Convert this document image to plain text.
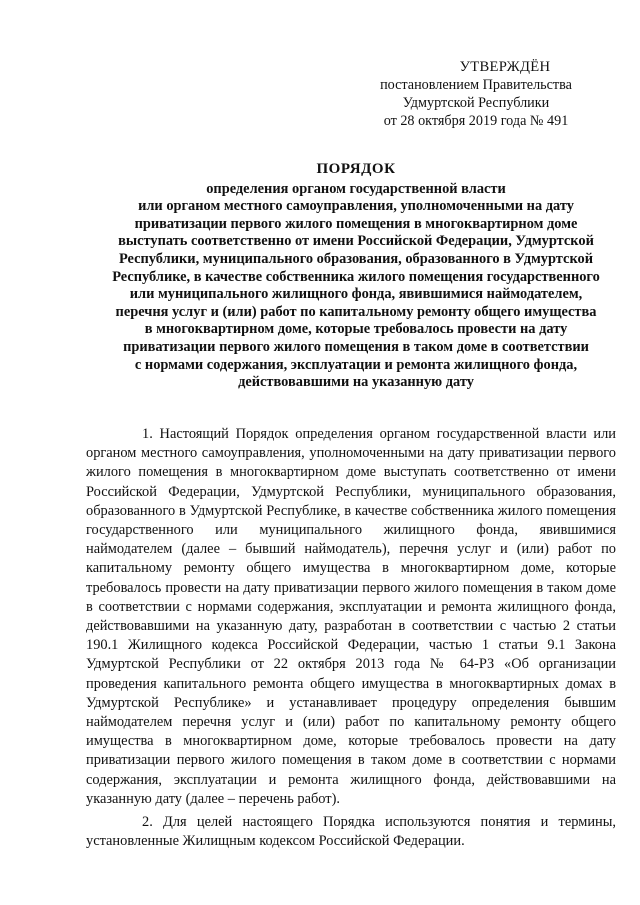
УТВЕРЖДЁН
постановлением Правительства
Удмуртской Республики
от 28 октября 2019 года № 491
ПОРЯДОК
определения органом государственной власти
или органом местного самоуправления, уполномоченными на дату
приватизации первого жилого помещения в многоквартирном доме
выступать соответственно от имени Российской Федерации, Удмуртской
Республики, муниципального образования, образованного в Удмуртской
Республике, в качестве собственника жилого помещения государственного
или муниципального жилищного фонда, явившимися наймодателем,
перечня услуг и (или) работ по капитальному ремонту общего имущества
в многоквартирном доме, которые требовалось провести на дату
приватизации первого жилого помещения в таком доме в соответствии
с нормами содержания, эксплуатации и ремонта жилищного фонда,
действовавшими на указанную дату

1. Настоящий Порядок определения органом государственной власти или органом местного самоуправления, уполномоченными на дату приватизации первого жилого помещения в многоквартирном доме выступать соответственно от имени Российской Федерации, Удмуртской Республики, муниципального образования, образованного в Удмуртской Республике, в качестве собственника жилого помещения государственного или муниципального жилищного фонда, явившимися наймодателем (далее – бывший наймодатель), перечня услуг и (или) работ по капитальному ремонту общего имущества в многоквартирном доме, которые требовалось провести на дату приватизации первого жилого помещения в таком доме в соответствии с нормами содержания, эксплуатации и ремонта жилищного фонда, действовавшими на указанную дату, разработан в соответствии с частью 2 статьи 190.1 Жилищного кодекса Российской Федерации, частью 1 статьи 9.1 Закона Удмуртской Республики от 22 октября 2013 года № 64-РЗ «Об организации проведения капитального ремонта общего имущества в многоквартирных домах в Удмуртской Республике» и устанавливает процедуру определения бывшим наймодателем перечня услуг и (или) работ по капитальному ремонту общего имущества в многоквартирном доме, которые требовалось провести на дату приватизации первого жилого помещения в таком доме в соответствии с нормами содержания, эксплуатации и ремонта жилищного фонда, действовавшими на указанную дату (далее – перечень работ).

2. Для целей настоящего Порядка используются понятия и термины, установленные Жилищным кодексом Российской Федерации.
